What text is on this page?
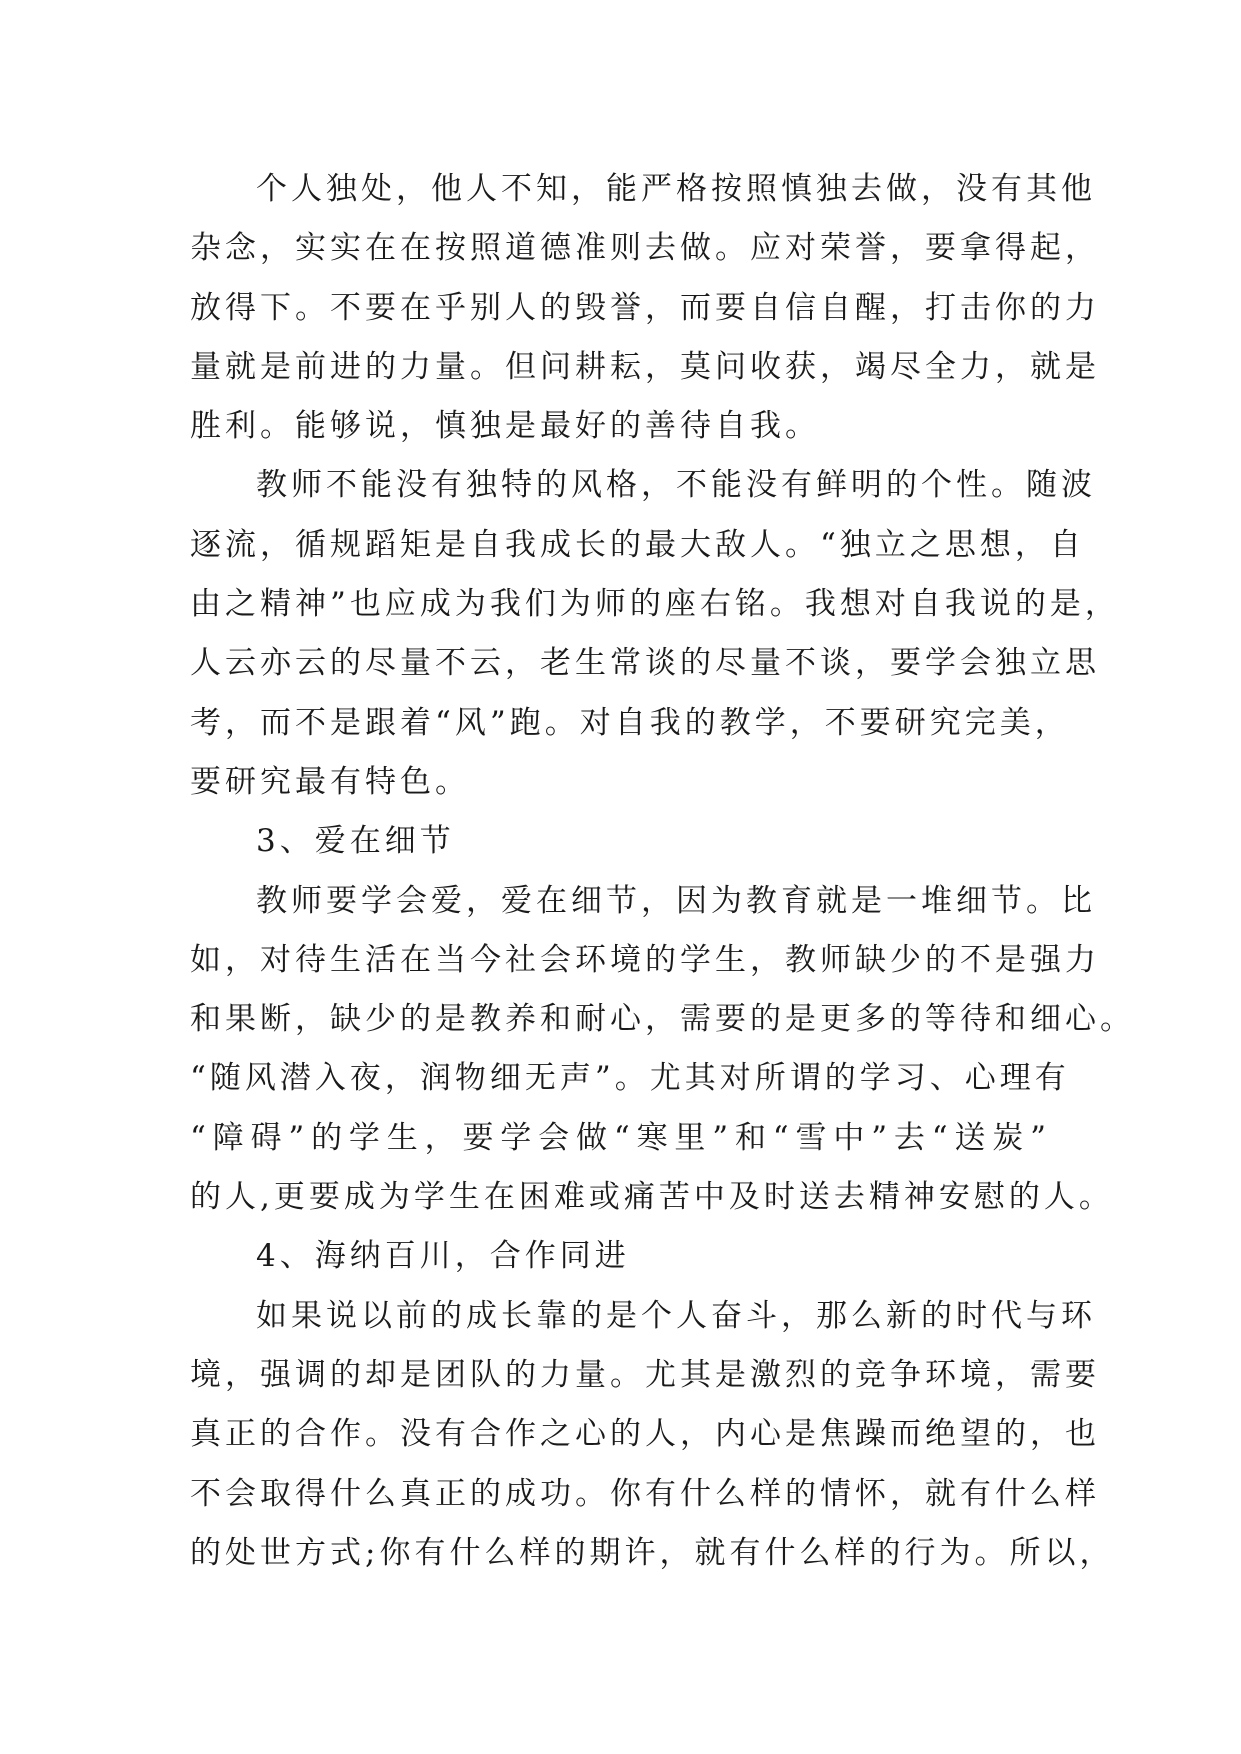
个人独处，他人不知，能严格按照慎独去做，没有其他
杂念，实实在在按照道德准则去做。应对荣誉，要拿得起，
放得下。不要在乎别人的毁誉，而要自信自醒，打击你的力
量就是前进的力量。但问耕耘，莫问收获，竭尽全力，就是
胜利。能够说，慎独是最好的善待自我。
教师不能没有独特的风格，不能没有鲜明的个性。随波
逐流，循规蹈矩是自我成长的最大敌人。“独立之思想，自
由之精神”也应成为我们为师的座右铭。我想对自我说的是，
人云亦云的尽量不云，老生常谈的尽量不谈，要学会独立思
考，而不是跟着“风”跑。对自我的教学，不要研究完美，
要研究最有特色。
3、爱在细节
教师要学会爱，爱在细节，因为教育就是一堆细节。比
如，对待生活在当今社会环境的学生，教师缺少的不是强力
和果断，缺少的是教养和耐心，需要的是更多的等待和细心。
“随风潜入夜，润物细无声”。尤其对所谓的学习、心理有
“障碍”的学生，要学会做“寒里”和“雪中”去“送炭”
的人,更要成为学生在困难或痛苦中及时送去精神安慰的人。
4、海纳百川，合作同进
如果说以前的成长靠的是个人奋斗，那么新的时代与环
境，强调的却是团队的力量。尤其是激烈的竞争环境，需要
真正的合作。没有合作之心的人，内心是焦躁而绝望的，也
不会取得什么真正的成功。你有什么样的情怀，就有什么样
的处世方式;你有什么样的期许，就有什么样的行为。所以，
